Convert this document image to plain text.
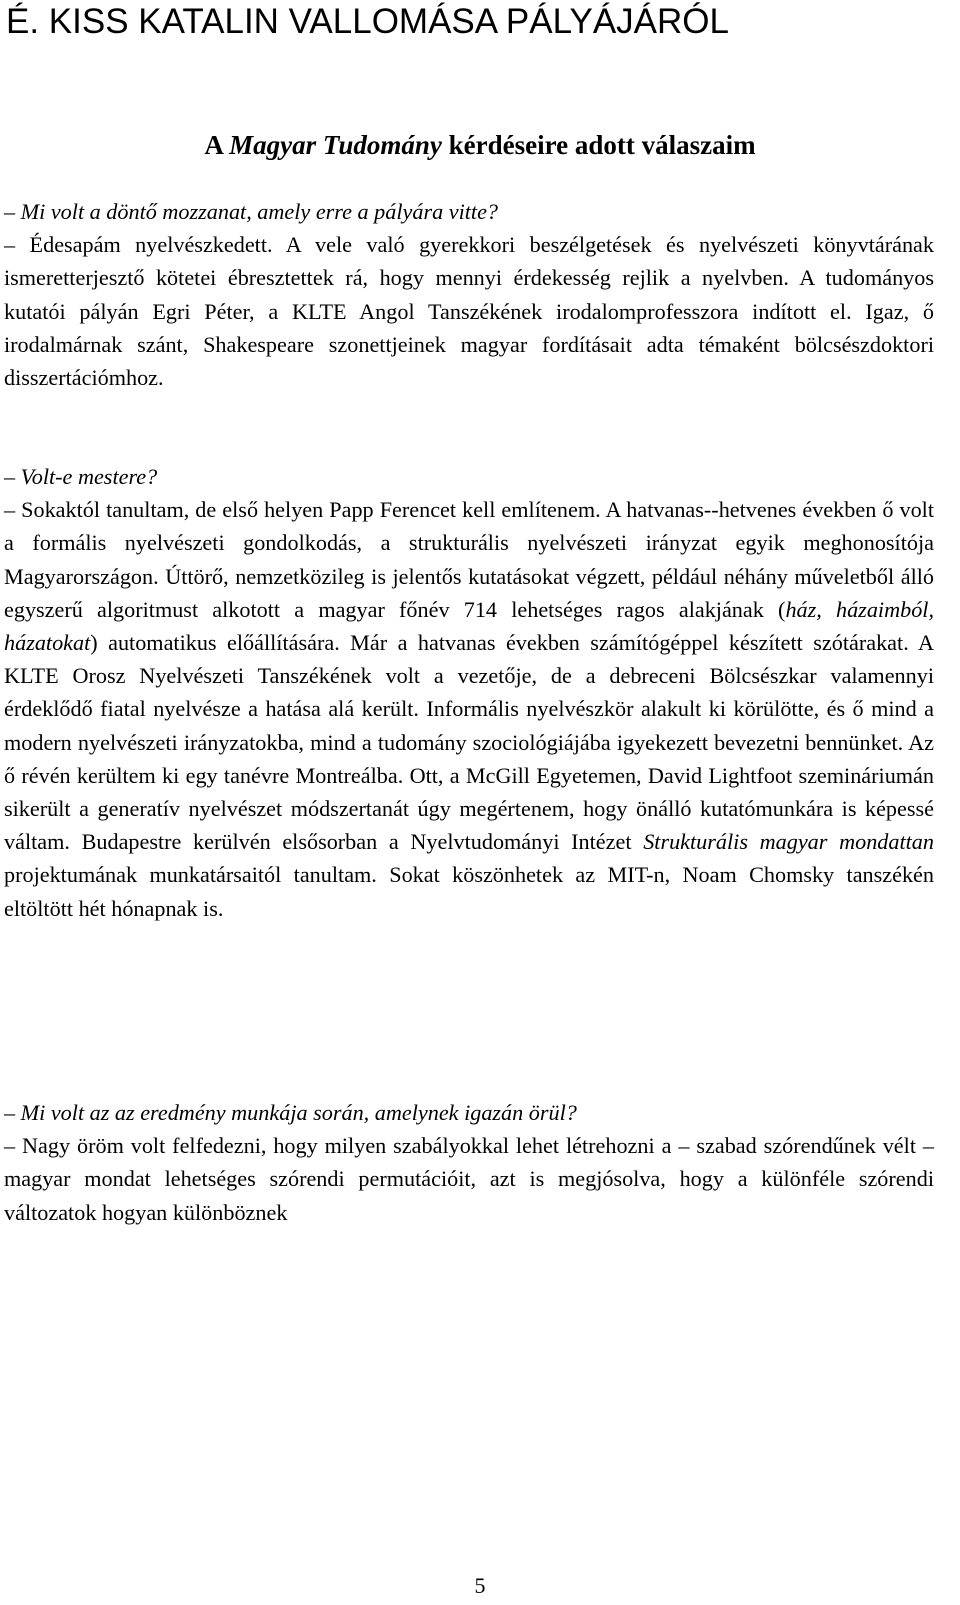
É. KISS KATALIN VALLOMÁSA PÁLYÁJÁRÓL
A Magyar Tudomány kérdéseire adott válaszaim
– Mi volt a döntő mozzanat, amely erre a pályára vitte?
– Édesapám nyelvészkedett. A vele való gyerekkori beszélgetések és nyelvészeti könyvtárának ismeretterjesztő kötetei ébresztettek rá, hogy mennyi érdekesség rejlik a nyelvben. A tudományos kutatói pályán Egri Péter, a KLTE Angol Tanszékének irodalomprofesszora indított el. Igaz, ő irodalmárnak szánt, Shakespeare szonettjeinek magyar fordításait adta témaként bölcsészdoktori disszertációmhoz.
– Volt-e mestere?
– Sokaktól tanultam, de első helyen Papp Ferencet kell említenem. A hatvanas--hetvenes években ő volt a formális nyelvészeti gondolkodás, a strukturális nyelvészeti irányzat egyik meghonosítója Magyarországon. Úttörő, nemzetközileg is jelentős kutatásokat végzett, például néhány műveletből álló egyszerű algoritmust alkotott a magyar főnév 714 lehetséges ragos alakjának (ház, házaimból, házatokat) automatikus előállítására. Már a hatvanas években számítógéppel készített szótárakat. A KLTE Orosz Nyelvészeti Tanszékének volt a vezetője, de a debreceni Bölcsészkar valamennyi érdeklődő fiatal nyelvésze a hatása alá került. Informális nyelvészkör alakult ki körülötte, és ő mind a modern nyelvészeti irányzatokba, mind a tudomány szociológiájába igyekezett bevezetni bennünket. Az ő révén kerültem ki egy tanévre Montreálba. Ott, a McGill Egyetemen, David Lightfoot szemináriumán sikerült a generatív nyelvészet módszertanát úgy megértenem, hogy önálló kutatómunkára is képessé váltam. Budapestre kerülvén elsősorban a Nyelvtudományi Intézet Strukturális magyar mondattan projektumának munkatársaitól tanultam. Sokat köszönhetek az MIT-n, Noam Chomsky tanszékén eltöltött hét hónapnak is.
– Mi volt az az eredmény munkája során, amelynek igazán örül?
– Nagy öröm volt felfedezni, hogy milyen szabályokkal lehet létrehozni a – szabad szórendűnek vélt – magyar mondat lehetséges szórendi permutációit, azt is megjósolva, hogy a különféle szórendi változatok hogyan különböznek
5
